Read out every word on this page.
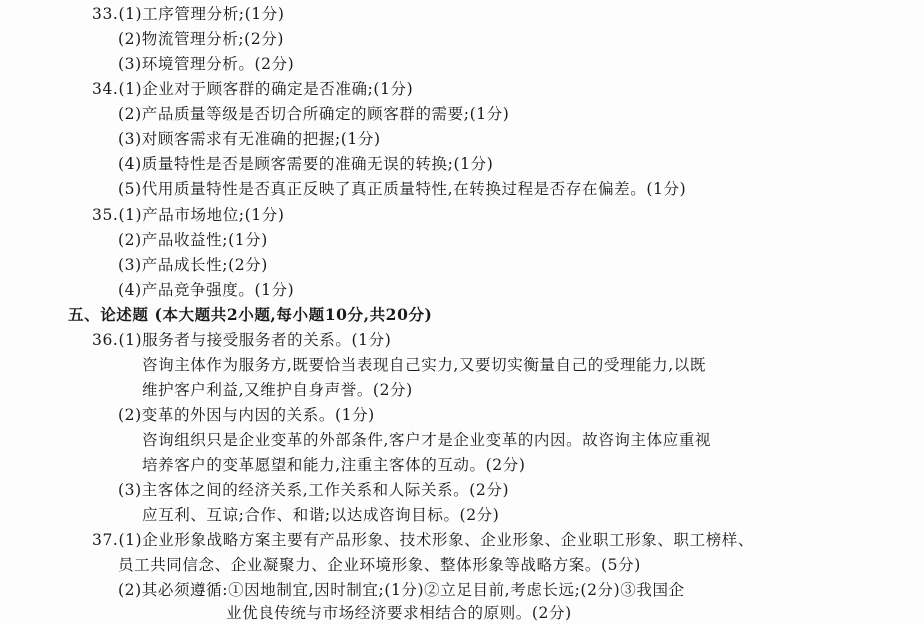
33.(1)工序管理分析;(1分)
(2)物流管理分析;(2分)
(3)环境管理分析。(2分)
34.(1)企业对于顾客群的确定是否准确;(1分)
(2)产品质量等级是否切合所确定的顾客群的需要;(1分)
(3)对顾客需求有无准确的把握;(1分)
(4)质量特性是否是顾客需要的准确无误的转换;(1分)
(5)代用质量特性是否真正反映了真正质量特性,在转换过程是否存在偏差。(1分)
35.(1)产品市场地位;(1分)
(2)产品收益性;(1分)
(3)产品成长性;(2分)
(4)产品竞争强度。(1分)
五、论述题 (本大题共2小题,每小题10分,共20分)
36.(1)服务者与接受服务者的关系。(1分)
咨询主体作为服务方,既要恰当表现自己实力,又要切实衡量自己的受理能力,以既
维护客户利益,又维护自身声誉。(2分)
(2)变革的外因与内因的关系。(1分)
咨询组织只是企业变革的外部条件,客户才是企业变革的内因。故咨询主体应重视
培养客户的变革愿望和能力,注重主客体的互动。(2分)
(3)主客体之间的经济关系,工作关系和人际关系。(2分)
应互利、互谅;合作、和谐;以达成咨询目标。(2分)
37.(1)企业形象战略方案主要有产品形象、技术形象、企业形象、企业职工形象、职工榜样、
员工共同信念、企业凝聚力、企业环境形象、整体形象等战略方案。(5分)
(2)其必须遵循:①因地制宜,因时制宜;(1分)②立足目前,考虑长远;(2分)③我国企
业优良传统与市场经济要求相结合的原则。(2分)
